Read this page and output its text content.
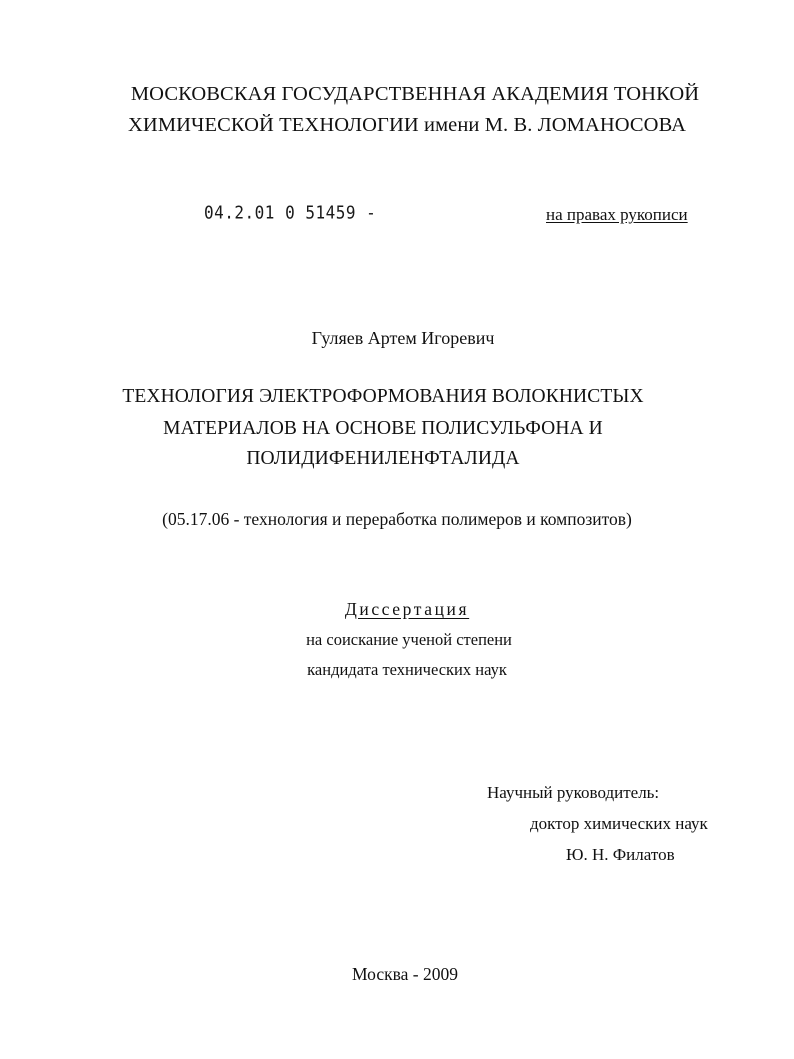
МОСКОВСКАЯ ГОСУДАРСТВЕННАЯ АКАДЕМИЯ ТОНКОЙ
ХИМИЧЕСКОЙ ТЕХНОЛОГИИ имени М. В. ЛОМАНОСОВА
04.2.01 0 51459 -	на правах рукописи
Гуляев Артем Игоревич
ТЕХНОЛОГИЯ ЭЛЕКТРОФОРМОВАНИЯ ВОЛОКНИСТЫХ
МАТЕРИАЛОВ НА ОСНОВЕ ПОЛИСУЛЬФОНА И
ПОЛИДИФЕНИЛЕНФТАЛИДА
(05.17.06 - технология и переработка полимеров и композитов)
Диссертация
на соискание ученой степени
кандидата технических наук
Научный руководитель:
доктор химических наук
Ю. Н. Филатов
Москва - 2009
